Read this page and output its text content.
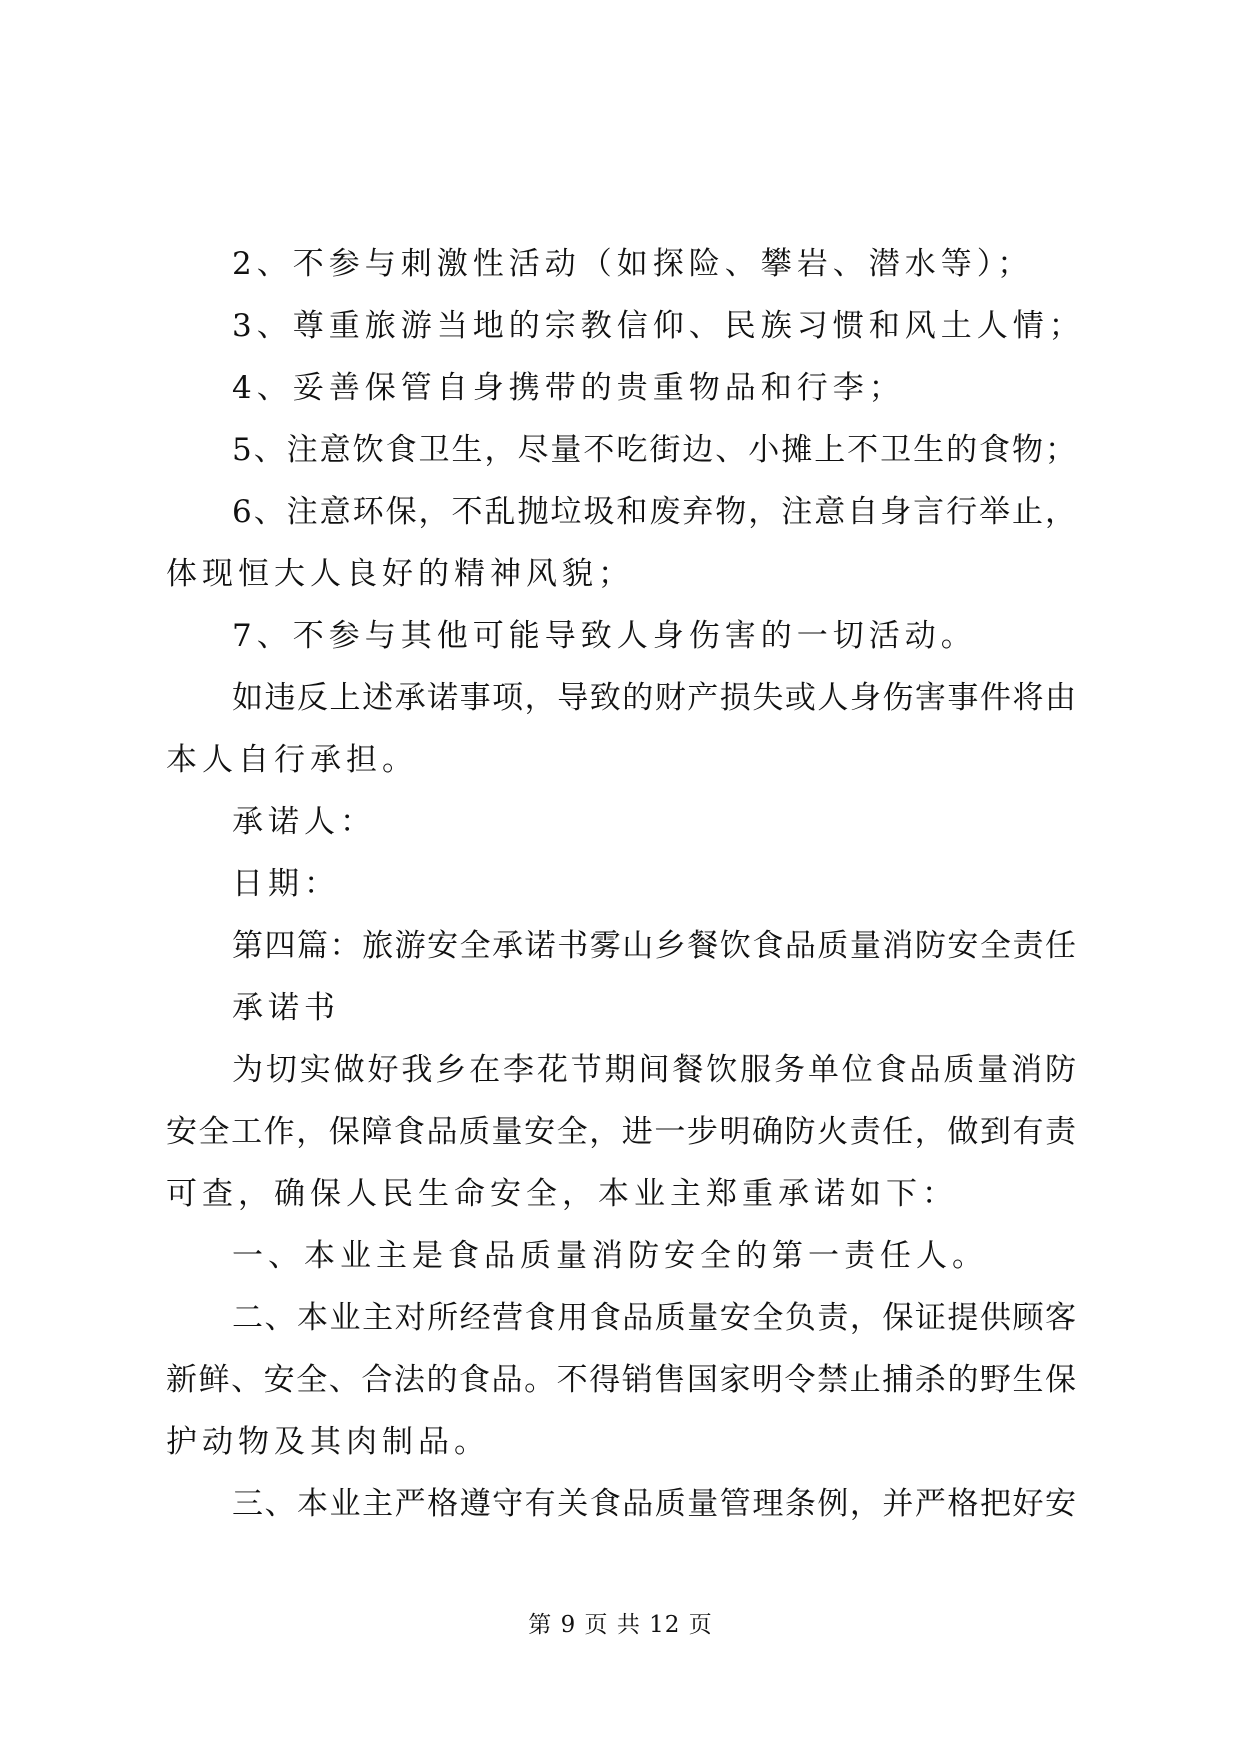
2、不参与刺激性活动（如探险、攀岩、潜水等）；
3、尊重旅游当地的宗教信仰、民族习惯和风土人情；
4、妥善保管自身携带的贵重物品和行李；
5、注意饮食卫生，尽量不吃街边、小摊上不卫生的食物；
6、注意环保，不乱抛垃圾和废弃物，注意自身言行举止，
体现恒大人良好的精神风貌；
7、不参与其他可能导致人身伤害的一切活动。
如违反上述承诺事项，导致的财产损失或人身伤害事件将由
本人自行承担。
承诺人：
日期：
第四篇：旅游安全承诺书雾山乡餐饮食品质量消防安全责任
承诺书
为切实做好我乡在李花节期间餐饮服务单位食品质量消防
安全工作，保障食品质量安全，进一步明确防火责任，做到有责
可查，确保人民生命安全，本业主郑重承诺如下：
一、本业主是食品质量消防安全的第一责任人。
二、本业主对所经营食用食品质量安全负责，保证提供顾客
新鲜、安全、合法的食品。不得销售国家明令禁止捕杀的野生保
护动物及其肉制品。
三、本业主严格遵守有关食品质量管理条例，并严格把好安
第 9 页 共 12 页
